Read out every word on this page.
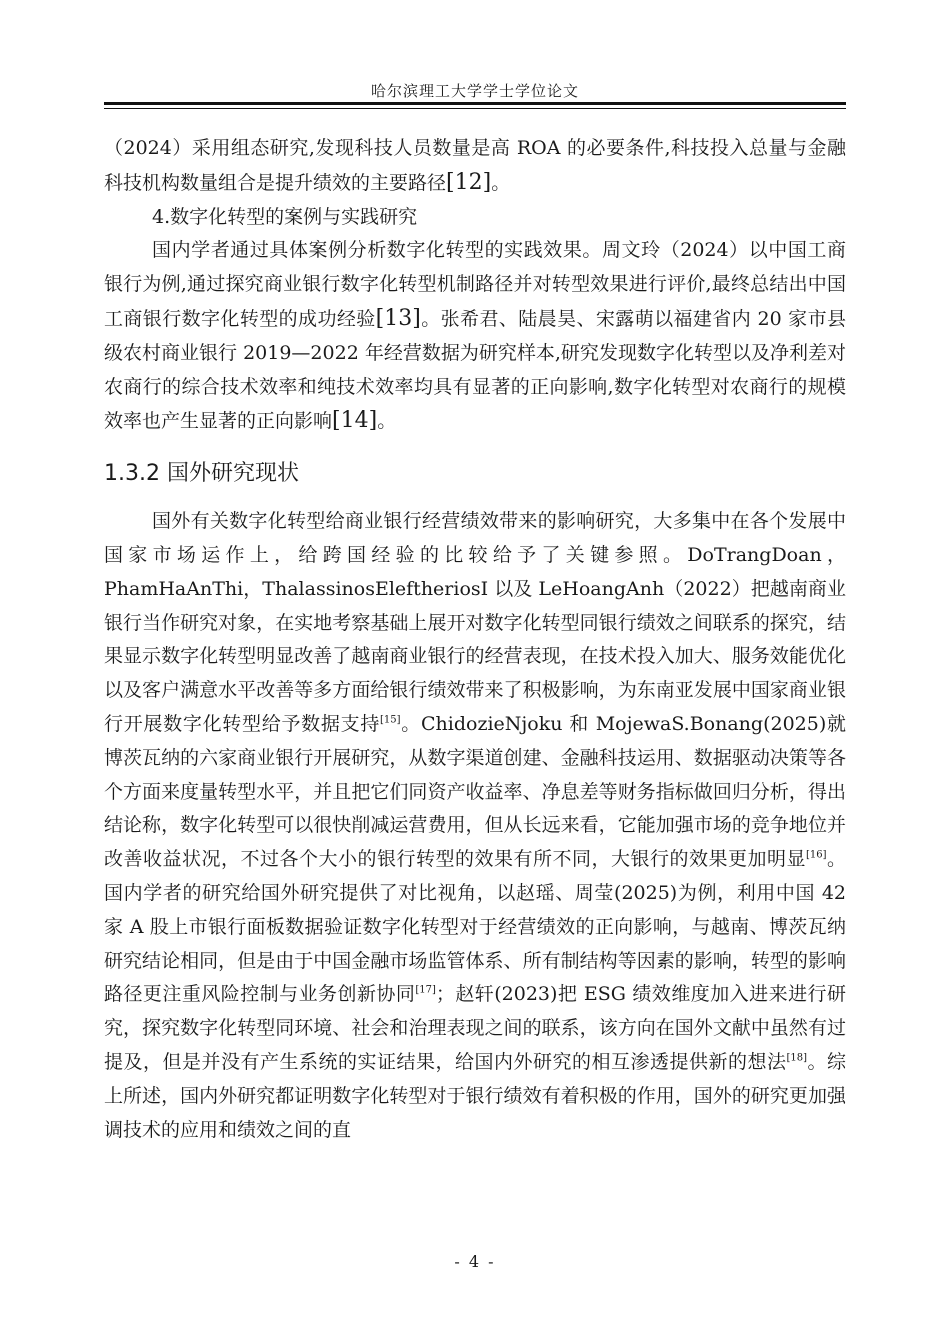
哈尔滨理工大学学士学位论文

（2024）采用组态研究,发现科技人员数量是高 ROA 的必要条件,科技投入总量与金融科技机构数量组合是提升绩效的主要路径[12]。

4.数字化转型的案例与实践研究

国内学者通过具体案例分析数字化转型的实践效果。周文玲（2024）以中国工商银行为例,通过探究商业银行数字化转型机制路径并对转型效果进行评价,最终总结出中国工商银行数字化转型的成功经验[13]。张希君、陆晨昊、宋露萌以福建省内 20 家市县级农村商业银行 2019—2022 年经营数据为研究样本,研究发现数字化转型以及净利差对农商行的综合技术效率和纯技术效率均具有显著的正向影响,数字化转型对农商行的规模效率也产生显著的正向影响[14]。

1.3.2 国外研究现状

国外有关数字化转型给商业银行经营绩效带来的影响研究，大多集中在各个发展中国家市场运作上，给跨国经验的比较给予了关键参照。DoTrangDoan，PhamHaAnThi，ThalassinosEleftheriosI 以及 LeHoangAnh（2022）把越南商业银行当作研究对象，在实地考察基础上展开对数字化转型同银行绩效之间联系的探究，结果显示数字化转型明显改善了越南商业银行的经营表现，在技术投入加大、服务效能优化以及客户满意水平改善等多方面给银行绩效带来了积极影响，为东南亚发展中国家商业银行开展数字化转型给予数据支持[15]。ChidozieNjoku 和 MojewaS.Bonang(2025)就博茨瓦纳的六家商业银行开展研究，从数字渠道创建、金融科技运用、数据驱动决策等各个方面来度量转型水平，并且把它们同资产收益率、净息差等财务指标做回归分析，得出结论称，数字化转型可以很快削减运营费用，但从长远来看，它能加强市场的竞争地位并改善收益状况，不过各个大小的银行转型的效果有所不同，大银行的效果更加明显[16]。国内学者的研究给国外研究提供了对比视角，以赵瑶、周莹(2025)为例，利用中国 42 家 A 股上市银行面板数据验证数字化转型对于经营绩效的正向影响，与越南、博茨瓦纳研究结论相同，但是由于中国金融市场监管体系、所有制结构等因素的影响，转型的影响路径更注重风险控制与业务创新协同[17]；赵轩(2023)把 ESG 绩效维度加入进来进行研究，探究数字化转型同环境、社会和治理表现之间的联系，该方向在国外文献中虽然有过提及，但是并没有产生系统的实证结果，给国内外研究的相互渗透提供新的想法[18]。综上所述，国内外研究都证明数字化转型对于银行绩效有着积极的作用，国外的研究更加强调技术的应用和绩效之间的直

- 4 -
